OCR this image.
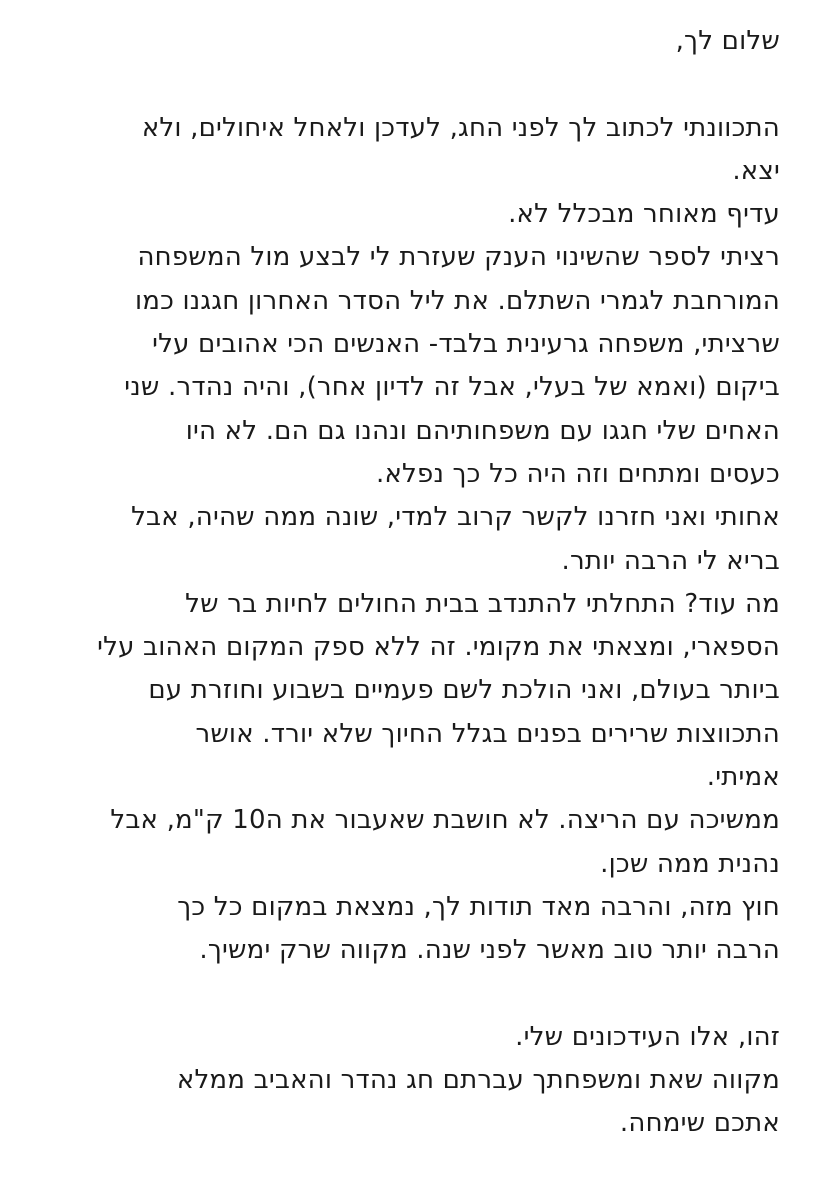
שלום לך,
התכוונתי לכתוב לך לפני החג, לעדכן ולאחל איחולים, ולא
יצא.
עדיף מאוחר מבכלל לא.
רציתי לספר שהשינוי הענק שעזרת לי לבצע מול המשפחה
המורחבת לגמרי השתלם. את ליל הסדר האחרון חגגנו כמו
שרציתי, משפחה גרעינית בלבד- האנשים הכי אהובים עלי
ביקום (ואמא של בעלי, אבל זה לדיון אחר), והיה נהדר. שני
האחים שלי חגגו עם משפחותיהם ונהנו גם הם. לא היו
כעסים ומתחים וזה היה כל כך נפלא.
אחותי ואני חזרנו לקשר קרוב למדי, שונה ממה שהיה, אבל
בריא לי הרבה יותר.
מה עוד? התחלתי להתנדב בבית החולים לחיות בר של
הספארי, ומצאתי את מקומי. זה ללא ספק המקום האהוב עלי
ביותר בעולם, ואני הולכת לשם פעמיים בשבוע וחוזרת עם
התכווצות שרירים בפנים בגלל החיוך שלא יורד. אושר
אמיתי.
ממשיכה עם הריצה. לא חושבת שאעבור את ה10 ק"מ, אבל
נהנית ממה שכן.
חוץ מזה, והרבה מאד תודות לך, נמצאת במקום כל כך
הרבה יותר טוב מאשר לפני שנה. מקווה שרק ימשיך.
זהו, אלו העידכונים שלי.
מקווה שאת ומשפחתך עברתם חג נהדר והאביב ממלא
אתכם שימחה.
